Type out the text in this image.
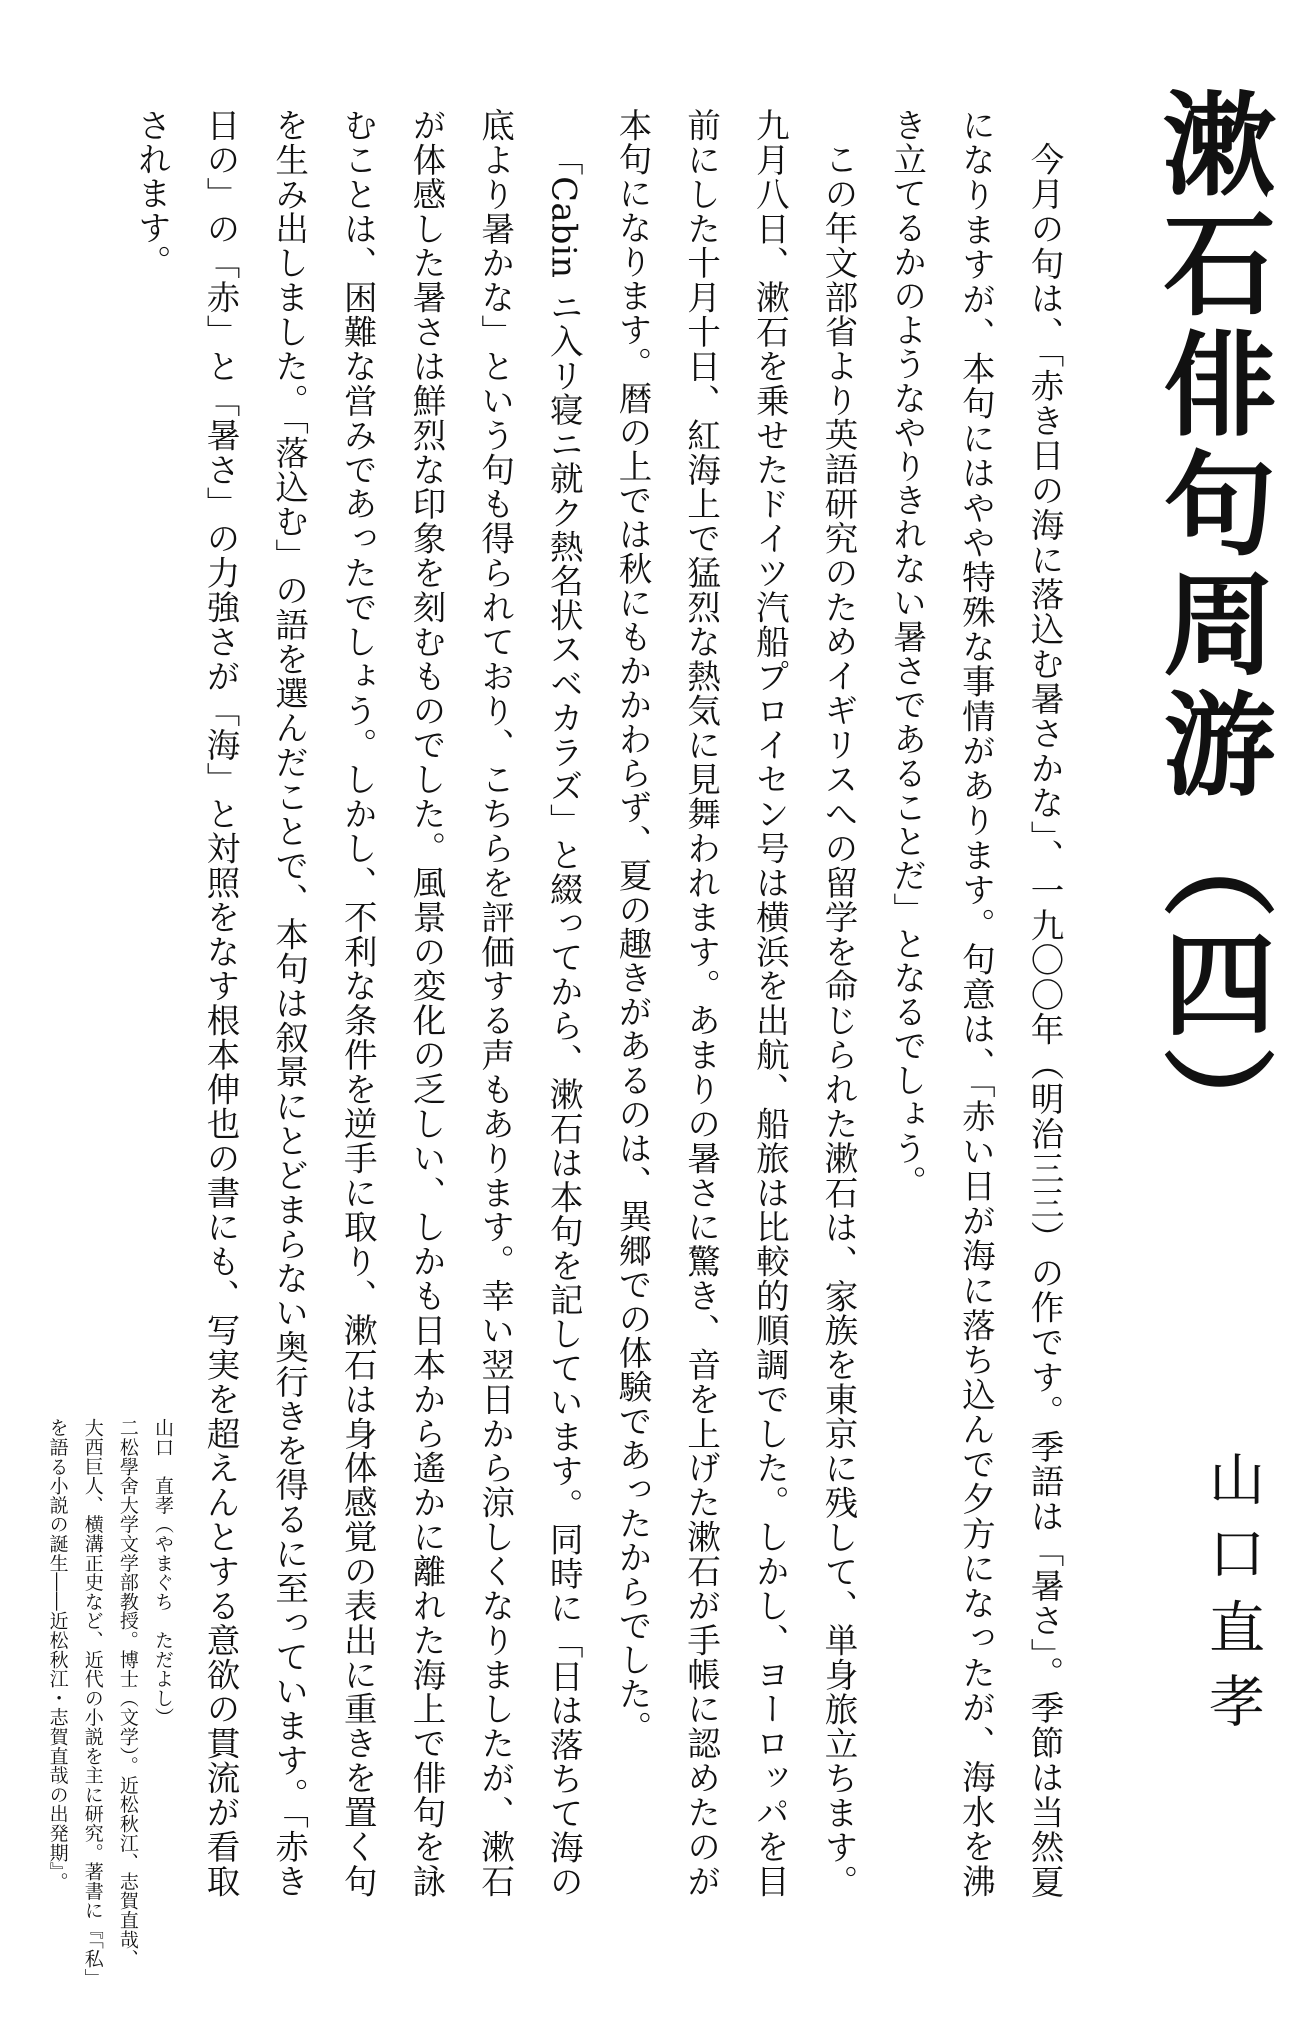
漱石俳句周游（四）
山口直孝

今月の句は、「赤き日の海に落込む暑さかな」、一九〇〇年（明治三三）の作です。季語は「暑さ」。季節は当然夏になりますが、本句にはやや特殊な事情があります。句意は、「赤い日が海に落ち込んで夕方になったが、海水を沸き立てるかのようなやりきれない暑さであることだ」となるでしょう。

この年文部省より英語研究のためイギリスへの留学を命じられた漱石は、家族を東京に残して、単身旅立ちます。九月八日、漱石を乗せたドイツ汽船プロイセン号は横浜を出航、船旅は比較的順調でした。しかし、ヨーロッパを目前にした十月十日、紅海上で猛烈な熱気に見舞われます。あまりの暑さに驚き、音を上げた漱石が手帳に認めたのが本句になります。暦の上では秋にもかかわらず、夏の趣きがあるのは、異郷での体験であったからでした。

「Cabin ニ入リ寝ニ就ク熱名状スベカラズ」と綴ってから、漱石は本句を記しています。同時に「日は落ちて海の底より暑かな」という句も得られており、こちらを評価する声もあります。幸い翌日から涼しくなりましたが、漱石が体感した暑さは鮮烈な印象を刻むものでした。風景の変化の乏しい、しかも日本から遙かに離れた海上で俳句を詠むことは、困難な営みであったでしょう。しかし、不利な条件を逆手に取り、漱石は身体感覚の表出に重きを置く句を生み出しました。「落込む」の語を選んだことで、本句は叙景にとどまらない奥行きを得るに至っています。「赤き日の」の「赤」と「暑さ」の力強さが「海」と対照をなす根本伸也の書にも、写実を超えんとする意欲の貫流が看取されます。

山口　直孝（やまぐち　ただよし）

二松學舍大学文学部教授。博士（文学）。近松秋江、志賀直哉、大西巨人、横溝正史など、近代の小説を主に研究。著書に『「私」を語る小説の誕生――近松秋江・志賀直哉の出発期』。
